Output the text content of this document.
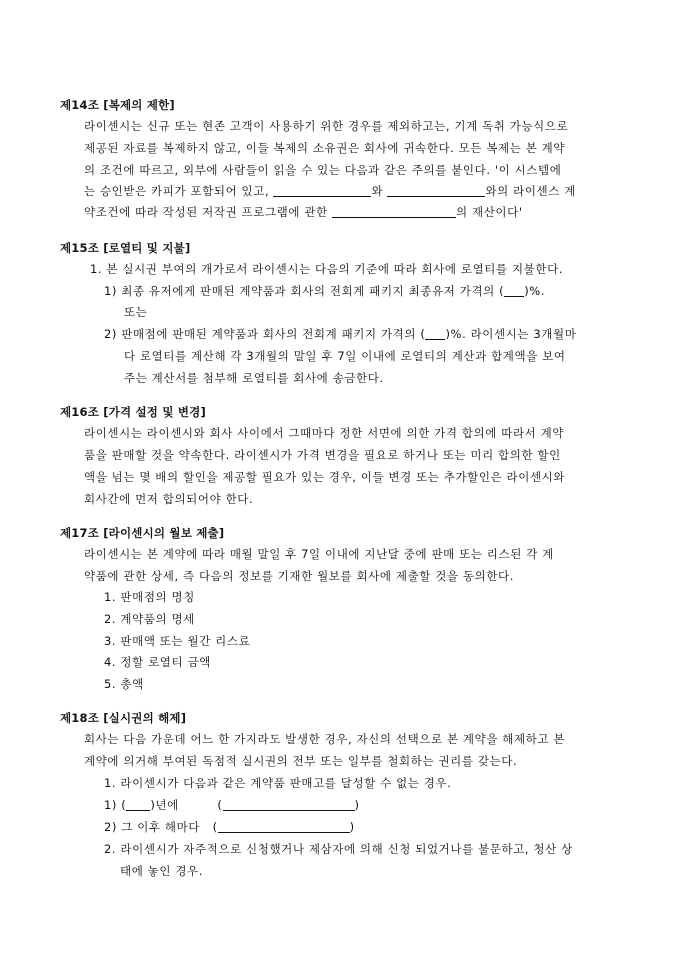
제14조 [복제의 제한]
라이센시는 신규 또는 현존 고객이 사용하기 위한 경우를 제외하고는, 기계 독취 가능식으로
제공된 자료를 복제하지 않고, 이들 복제의 소유권은 회사에 귀속한다. 모든 복제는 본 계약
의 조건에 따르고, 외부에 사람들이 읽을 수 있는 다음과 같은 주의를 붙인다. '이 시스템에
는 승인받은 카피가 포함되어 있고,	와	와의 라이센스 계
약조건에 따라 작성된 저작권 프로그램에 관한	의 재산이다'
제15조 [로열티 및 지불]
1. 본 실시권 부여의 개가로서 라이센시는 다음의 기준에 따라 회사에 로열티를 지불한다.
1) 최종 유저에게 판매된 계약품과 회사의 전회계 패키지 최종유저 가격의 ( )%.
또는
2) 판매점에 판매된 계약품과 회사의 전회계 패키지 가격의 ( )%. 라이센시는 3개월마
다 로열티를 계산해 각 3개월의 말일 후 7일 이내에 로열티의 계산과 합계액을 보여
주는 계산서를 첨부해 로열티를 회사에 송금한다.
제16조 [가격 설정 및 변경]
라이센시는 라이센시와 회사 사이에서 그때마다 정한 서면에 의한 가격 합의에 따라서 계약
품을 판매할 것을 약속한다. 라이센시가 가격 변경을 필요로 하거나 또는 미리 합의한 할인
액을 넘는 몇 배의 할인을 제공할 필요가 있는 경우, 이들 변경 또는 추가할인은 라이센시와
회사간에 먼저 합의되어야 한다.
제17조 [라이센시의 월보 제출]
라이센시는 본 계약에 따라 매월 말일 후 7일 이내에 지난달 중에 판매 또는 리스된 각 계
약품에 관한 상세, 즉 다음의 정보를 기재한 월보를 회사에 제출할 것을 동의한다.
1. 판매점의 명칭
2. 계약품의 명세
3. 판매액 또는 월간 리스료
4. 정할 로열티 금액
5. 총액
제18조 [실시권의 해제]
회사는 다음 가운데 어느 한 가지라도 발생한 경우, 자신의 선택으로 본 계약을 해제하고 본
계약에 의거해 부여된 독점적 실시권의 전부 또는 일부를 철회하는 권리를 갖는다.
1. 라이센시가 다음과 같은 계약품 판매고를 달성할 수 없는 경우.
1) ( )년에	(	)
2) 그 이후 해마다 (	)
2. 라이센시가 자주적으로 신청했거나 제삼자에 의해 신청 되었거나를 불문하고, 청산 상
태에 놓인 경우.
